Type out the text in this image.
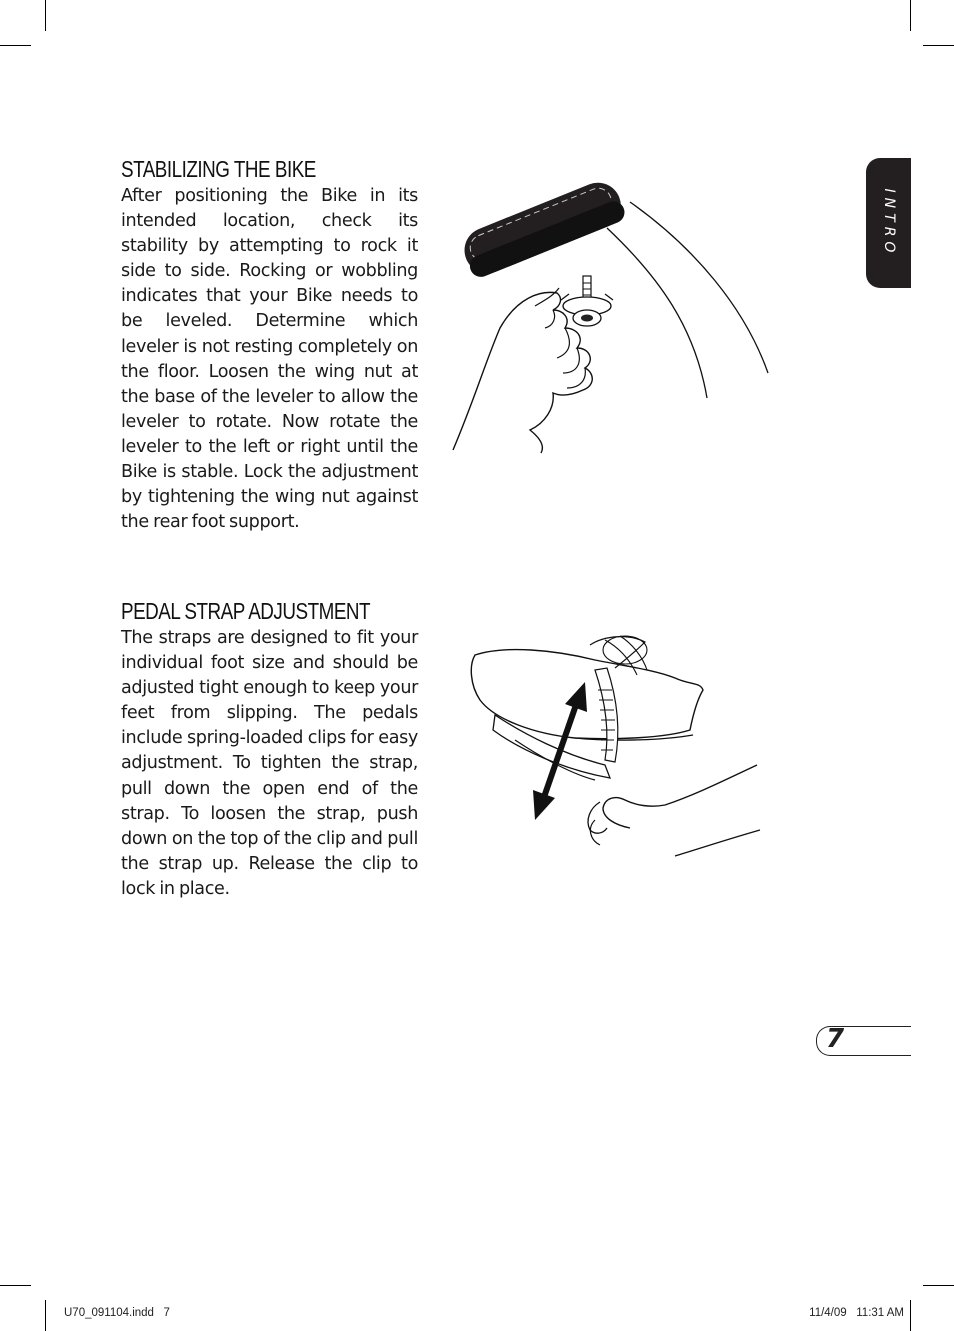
INTRO
STABILIZING THE BIKE

After positioning the Bike in its intended location, check its stability by attempting to rock it side to side. Rocking or wobbling indicates that your Bike needs to be leveled. Determine which leveler is not resting completely on the floor. Loosen the wing nut at the base of the leveler to allow the leveler to rotate. Now rotate the leveler to the left or right until the Bike is stable. Lock the adjustment by tightening the wing nut against the rear foot support.

PEDAL STRAP ADJUSTMENT

The straps are designed to fit your individual foot size and should be adjusted tight enough to keep your feet from slipping. The pedals include spring-loaded clips for easy adjustment. To tighten the strap, pull down the open end of the strap. To loosen the strap, push down on the top of the clip and pull the strap up. Release the clip to lock in place.

7
U70_091104.indd   7	11/4/09   11:31 AM
